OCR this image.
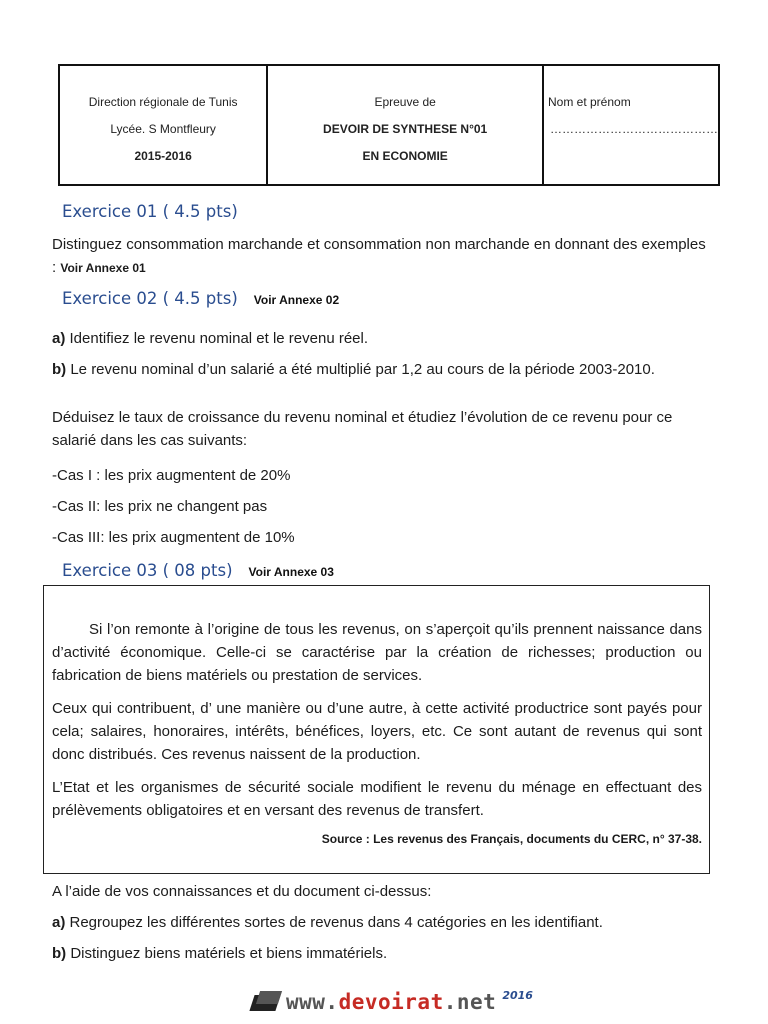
Direction régionale de Tunis
Lycée. S Montfleury
2015-2016
Epreuve de
DEVOIR DE SYNTHESE N°01
EN ECONOMIE
Nom et prénom
……………………………………
Exercice 01 ( 4.5 pts)
Distinguez consommation marchande et consommation non marchande en donnant des exemples : Voir Annexe 01
Exercice 02 ( 4.5 pts) Voir Annexe 02
a) Identifiez le revenu nominal et le revenu réel.
b) Le revenu nominal d’un salarié a été multiplié par 1,2 au cours de la période 2003-2010.
Déduisez le taux de croissance du revenu nominal et étudiez l’évolution de ce revenu pour ce salarié dans les cas suivants:
-Cas I : les prix augmentent de 20%
-Cas II: les prix ne changent pas
-Cas III: les prix augmentent de 10%
Exercice 03 ( 08 pts) Voir Annexe 03

Si l’on remonte à l’origine de tous les revenus, on s’aperçoit qu’ils prennent naissance dans d’activité économique. Celle-ci se caractérise par la création de richesses; production ou fabrication de biens matériels ou prestation de services.

Ceux qui contribuent, d’ une manière ou d’une autre, à cette activité productrice sont payés pour cela; salaires, honoraires, intérêts, bénéfices, loyers, etc. Ce sont autant de revenus qui sont donc distribués. Ces revenus naissent de la production.

L’Etat et les organismes de sécurité sociale modifient le revenu du ménage en effectuant des prélèvements obligatoires et en versant des revenus de transfert.

Source : Les revenus des Français, documents du CERC, n° 37-38.
A l’aide de vos connaissances et du document ci-dessus:
a) Regroupez les différentes sortes de revenus dans 4 catégories en les identifiant.
b) Distinguez biens matériels et biens immatériels.
www.devoirat.net 2016
